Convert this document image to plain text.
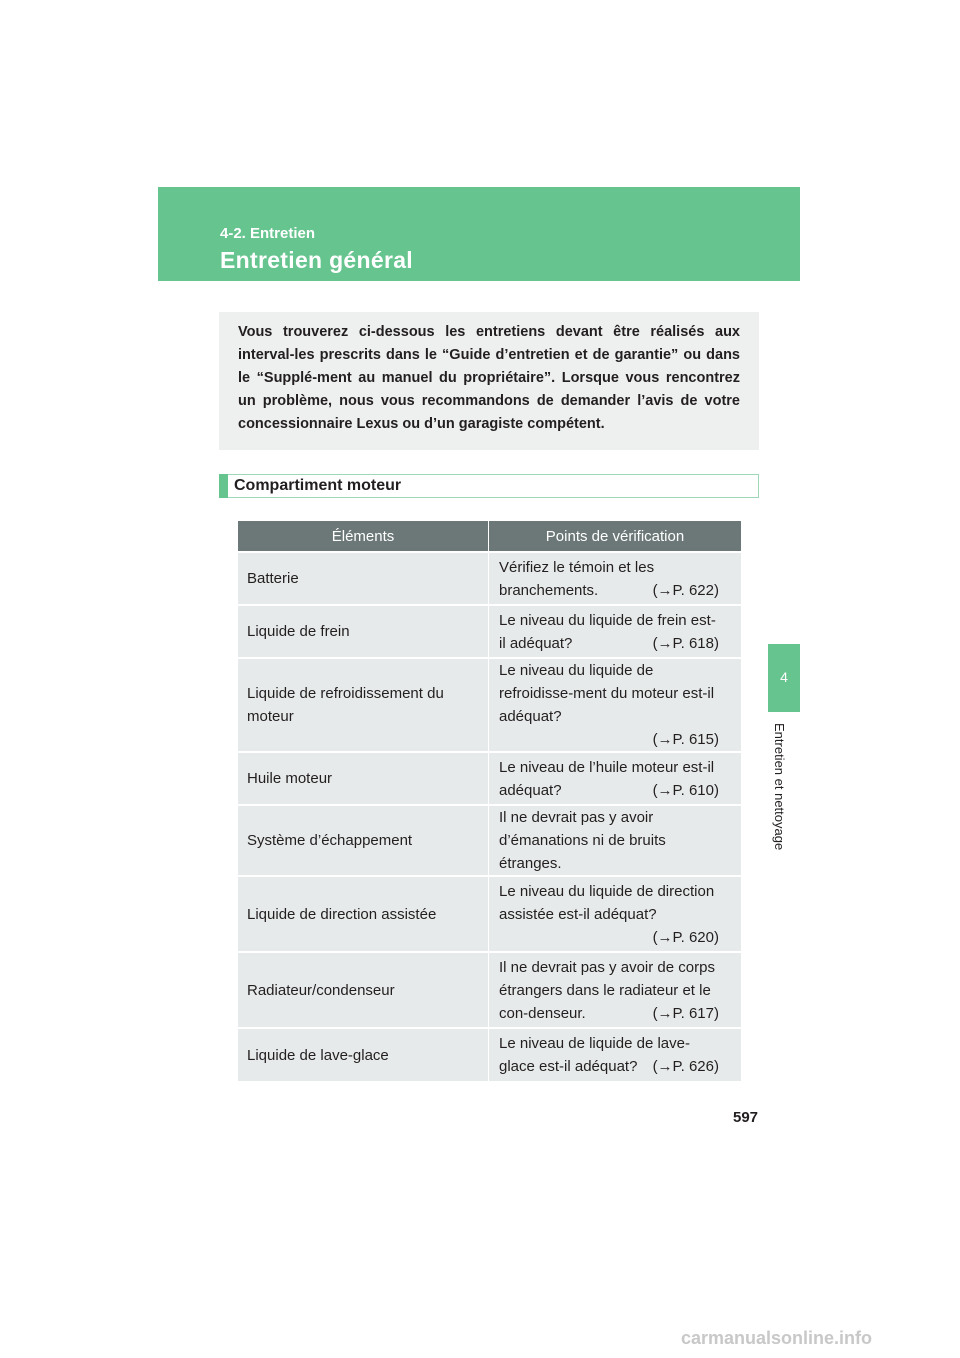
4-2. Entretien
Entretien général

Vous trouverez ci-dessous les entretiens devant être réalisés aux interval-les prescrits dans le “Guide d’entretien et de garantie” ou dans le “Supplé-ment au manuel du propriétaire”. Lorsque vous rencontrez un problème, nous vous recommandons de demander l’avis de votre concessionnaire Lexus ou d’un garagiste compétent.

Compartiment moteur
Éléments	Points de vérification
Batterie	Vérifiez le témoin et les branchements. (→P. 622)

Liquide de frein	Le niveau du liquide de frein est-il adéquat? (→P. 618)

Liquide de refroidissement du moteur	Le niveau du liquide de refroidisse-ment du moteur est-il adéquat?
(→P. 615)

Huile moteur	Le niveau de l’huile moteur est-il adéquat? (→P. 610)

Système d’échappement	Il ne devrait pas y avoir d’émanations ni de bruits étranges.
Liquide de direction assistée	Le niveau du liquide de direction assistée est-il adéquat?
(→P. 620)

Radiateur/condenseur	Il ne devrait pas y avoir de corps étrangers dans le radiateur et le con-denseur. (→P. 617)

Liquide de lave-glace	Le niveau de liquide de lave-glace est-il adéquat? (→P. 626)
4
Entretien et nettoyage
597
carmanualsonline.info
